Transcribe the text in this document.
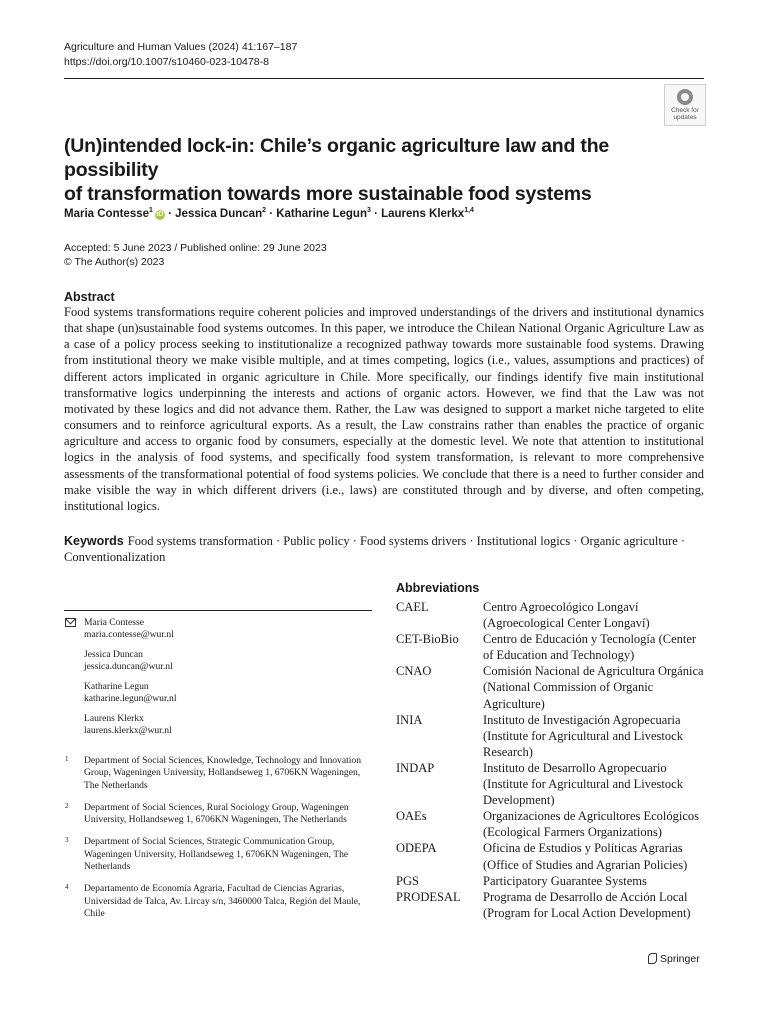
Agriculture and Human Values (2024) 41:167–187
https://doi.org/10.1007/s10460-023-10478-8
Check for updates
(Un)intended lock-in: Chile’s organic agriculture law and the possibility
of transformation towards more sustainable food systems
Maria Contesse$^1$iD · Jessica Duncan$^2$ · Katharine Legun$^3$ · Laurens Klerkx$^{1,4}$
Accepted: 5 June 2023 / Published online: 29 June 2023
© The Author(s) 2023
Abstract

Food systems transformations require coherent policies and improved understandings of the drivers and institutional dynamics that shape (un)sustainable food systems outcomes. In this paper, we introduce the Chilean National Organic Agriculture Law as a case of a policy process seeking to institutionalize a recognized pathway towards more sustainable food systems. Drawing from institutional theory we make visible multiple, and at times competing, logics (i.e., values, assumptions and practices) of different actors implicated in organic agriculture in Chile. More specifically, our findings identify five main institutional transformative logics underpinning the interests and actions of organic actors. However, we find that the Law was not motivated by these logics and did not advance them. Rather, the Law was designed to support a market niche targeted to elite consumers and to reinforce agricultural exports. As a result, the Law constrains rather than enables the practice of organic agriculture and access to organic food by consumers, especially at the domestic level. We note that attention to institutional logics in the analysis of food systems, and specifically food system transformation, is relevant to more comprehensive assessments of the transformational potential of food systems policies. We conclude that there is a need to further consider and make visible the way in which different drivers (i.e., laws) are constituted through and by diverse, and often competing, institutional logics.

Keywords Food systems transformation · Public policy · Food systems drivers · Institutional logics · Organic agriculture · Conventionalization
Maria Contesse
maria.contesse@wur.nl
Jessica Duncan
jessica.duncan@wur.nl
Katharine Legun
katharine.legun@wur.nl
Laurens Klerkx
laurens.klerkx@wur.nl
1 Department of Social Sciences, Knowledge, Technology and Innovation Group, Wageningen University, Hollandseweg 1, 6706KN Wageningen, The Netherlands
2 Department of Social Sciences, Rural Sociology Group, Wageningen University, Hollandseweg 1, 6706KN Wageningen, The Netherlands
3 Department of Social Sciences, Strategic Communication Group, Wageningen University, Hollandseweg 1, 6706KN Wageningen, The Netherlands
4 Departamento de Economía Agraria, Facultad de Ciencias Agrarias, Universidad de Talca, Av. Lircay s/n, 3460000 Talca, Región del Maule, Chile
Abbreviations
CAEL	Centro Agroecológico Longaví (Agroecological Center Longaví)
CET-BioBio	Centro de Educación y Tecnología (Center of Education and Technology)
CNAO	Comisión Nacional de Agricultura Orgánica (National Commission of Organic Agriculture)
INIA	Instituto de Investigación Agropecuaria (Institute for Agricultural and Livestock Research)
INDAP	Instituto de Desarrollo Agropecuario (Institute for Agricultural and Livestock Development)
OAEs	Organizaciones de Agricultores Ecológicos (Ecological Farmers Organizations)
ODEPA	Oficina de Estudios y Políticas Agrarias (Office of Studies and Agrarian Policies)
PGS	Participatory Guarantee Systems
PRODESAL	Programa de Desarrollo de Acción Local (Program for Local Action Development)
Springer
